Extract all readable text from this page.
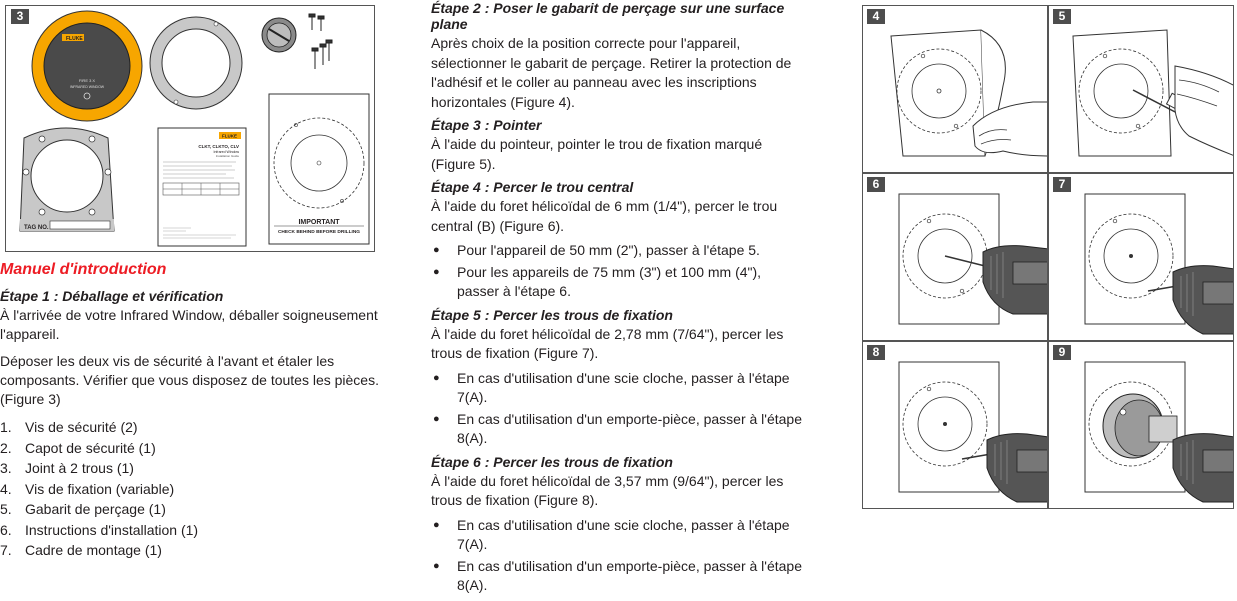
3
FLUKE
FIRE 3 X
INFRARED WINDOW
TAG NO.
FLUKE
CLKT, CLKTO, CLV
Infrared Window
Installation Guide
IMPORTANT
CHECK BEHIND BEFORE DRILLING
Manuel d'introduction
Étape 1 : Déballage et vérification
À l'arrivée de votre Infrared Window, déballer soigneusement l'appareil.
Déposer les deux vis de sécurité à l'avant et étaler les composants. Vérifier que vous disposez de toutes les pièces.(Figure 3)
1. Vis de sécurité (2)
2. Capot de sécurité (1)
3. Joint à 2 trous (1)
4. Vis de fixation (variable)
5. Gabarit de perçage (1)
6. Instructions d'installation (1)
7. Cadre de montage (1)
Étape 2 : Poser le gabarit de perçage sur une surface plane
Après choix de la position correcte pour l'appareil, sélectionner le gabarit de perçage. Retirer la protection de l'adhésif et le coller au panneau avec les inscriptions horizontales (Figure 4).
Étape 3 : Pointer
À l'aide du pointeur, pointer le trou de fixation marqué (Figure 5).
Étape 4 : Percer le trou central
À l'aide du foret hélicoïdal de 6 mm (1/4"), percer le trou central (B) (Figure 6).
●	Pour l'appareil de 50 mm (2"), passer à l'étape 5.
●	Pour les appareils de 75 mm (3") et 100 mm (4"), passer à l'étape 6.
Étape 5 : Percer les trous de fixation
À l'aide du foret hélicoïdal de 2,78 mm (7/64"), percer les trous de fixation (Figure 7).
●	En cas d'utilisation d'une scie cloche, passer à l'étape 7(A).
●	En cas d'utilisation d'un emporte-pièce, passer à l'étape 8(A).
Étape 6 : Percer les trous de fixation
À l'aide du foret hélicoïdal de 3,57 mm (9/64"), percer les trous de fixation (Figure 8).
●	En cas d'utilisation d'une scie cloche, passer à l'étape 7(A).
●	En cas d'utilisation d'un emporte-pièce, passer à l'étape 8(A).
4	5
6	7
8	9
